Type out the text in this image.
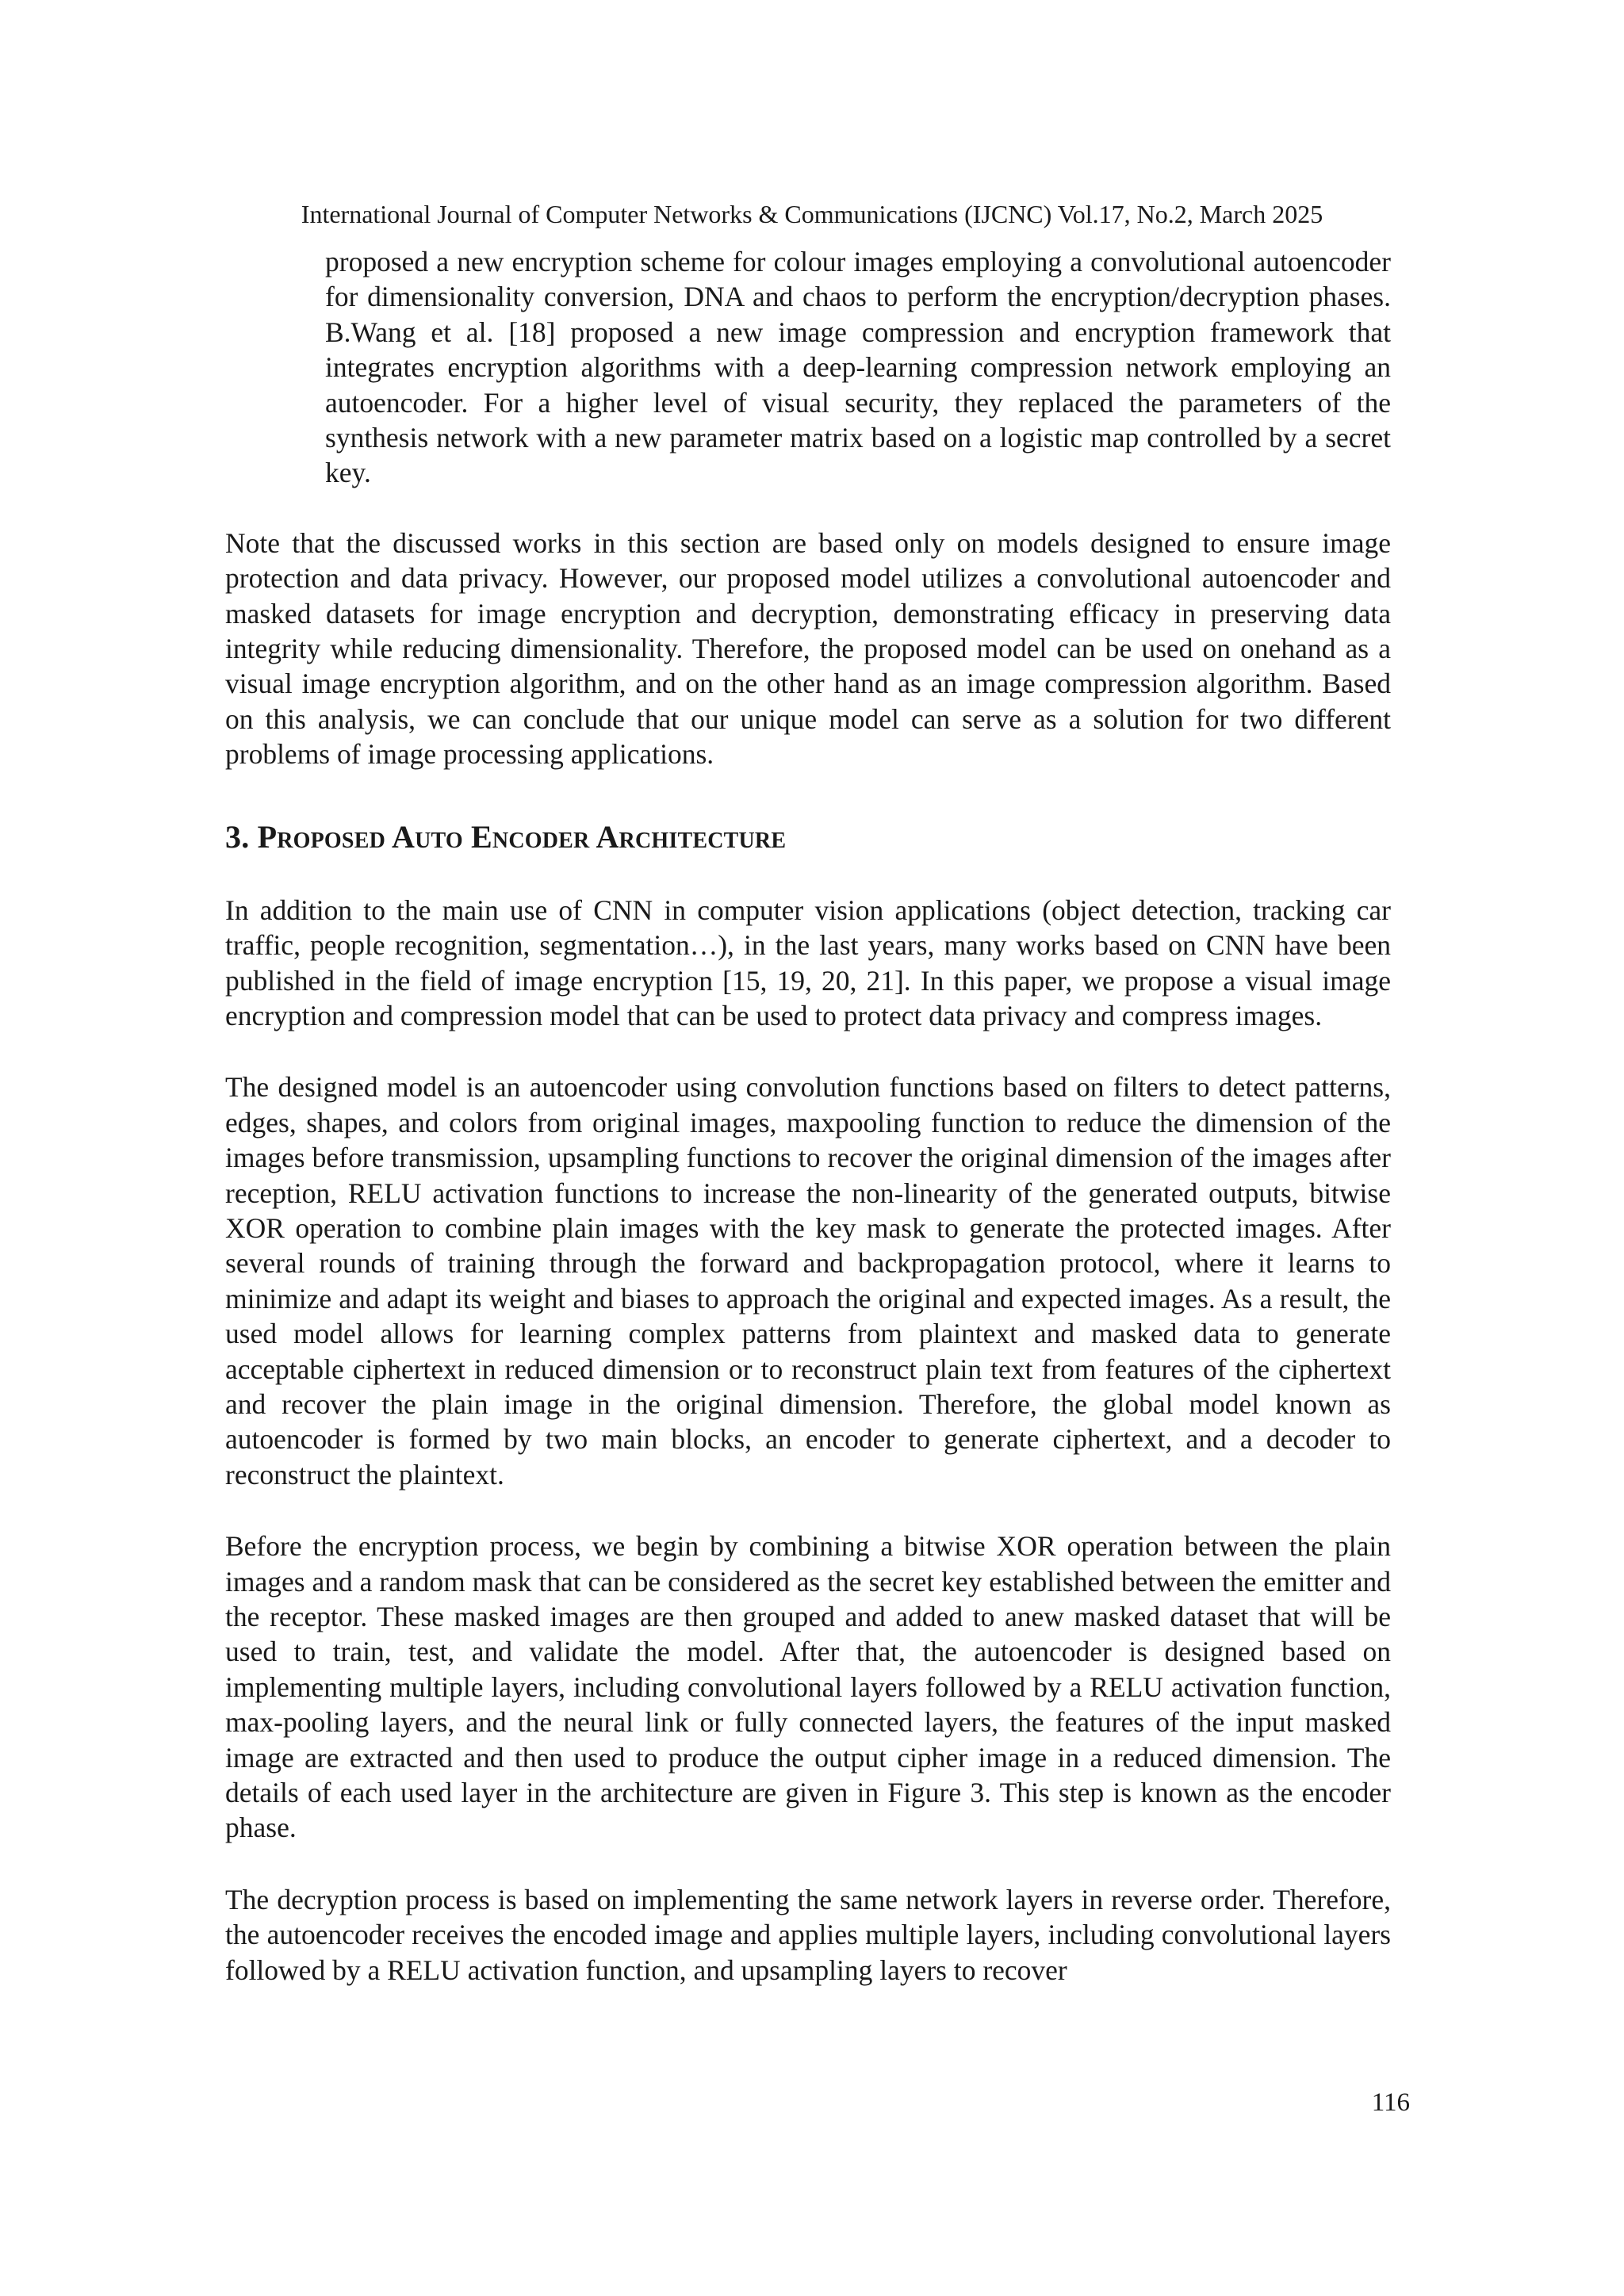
International Journal of Computer Networks & Communications (IJCNC) Vol.17, No.2, March 2025

proposed a new encryption scheme for colour images employing a convolutional autoencoder for dimensionality conversion, DNA and chaos to perform the encryption/decryption phases. B.Wang et al. [18] proposed a new image compression and encryption framework that integrates encryption algorithms with a deep-learning compression network employing an autoencoder. For a higher level of visual security, they replaced the parameters of the synthesis network with a new parameter matrix based on a logistic map controlled by a secret key.

Note that the discussed works in this section are based only on models designed to ensure image protection and data privacy. However, our proposed model utilizes a convolutional autoencoder and masked datasets for image encryption and decryption, demonstrating efficacy in preserving data integrity while reducing dimensionality. Therefore, the proposed model can be used on onehand as a visual image encryption algorithm, and on the other hand as an image compression algorithm. Based on this analysis, we can conclude that our unique model can serve as a solution for two different problems of image processing applications.

3. Proposed Auto Encoder Architecture

In addition to the main use of CNN in computer vision applications (object detection, tracking car traffic, people recognition, segmentation…), in the last years, many works based on CNN have been published in the field of image encryption [15, 19, 20, 21]. In this paper, we propose a visual image encryption and compression model that can be used to protect data privacy and compress images.

The designed model is an autoencoder using convolution functions based on filters to detect patterns, edges, shapes, and colors from original images, maxpooling function to reduce the dimension of the images before transmission, upsampling functions to recover the original dimension of the images after reception, RELU activation functions to increase the non-linearity of the generated outputs, bitwise XOR operation to combine plain images with the key mask to generate the protected images. After several rounds of training through the forward and backpropagation protocol, where it learns to minimize and adapt its weight and biases to approach the original and expected images. As a result, the used model allows for learning complex patterns from plaintext and masked data to generate acceptable ciphertext in reduced dimension or to reconstruct plain text from features of the ciphertext and recover the plain image in the original dimension. Therefore, the global model known as autoencoder is formed by two main blocks, an encoder to generate ciphertext, and a decoder to reconstruct the plaintext.

Before the encryption process, we begin by combining a bitwise XOR operation between the plain images and a random mask that can be considered as the secret key established between the emitter and the receptor. These masked images are then grouped and added to anew masked dataset that will be used to train, test, and validate the model. After that, the autoencoder is designed based on implementing multiple layers, including convolutional layers followed by a RELU activation function, max-pooling layers, and the neural link or fully connected layers, the features of the input masked image are extracted and then used to produce the output cipher image in a reduced dimension. The details of each used layer in the architecture are given in Figure 3. This step is known as the encoder phase.

The decryption process is based on implementing the same network layers in reverse order. Therefore, the autoencoder receives the encoded image and applies multiple layers, including convolutional layers followed by a RELU activation function, and upsampling layers to recover

116
